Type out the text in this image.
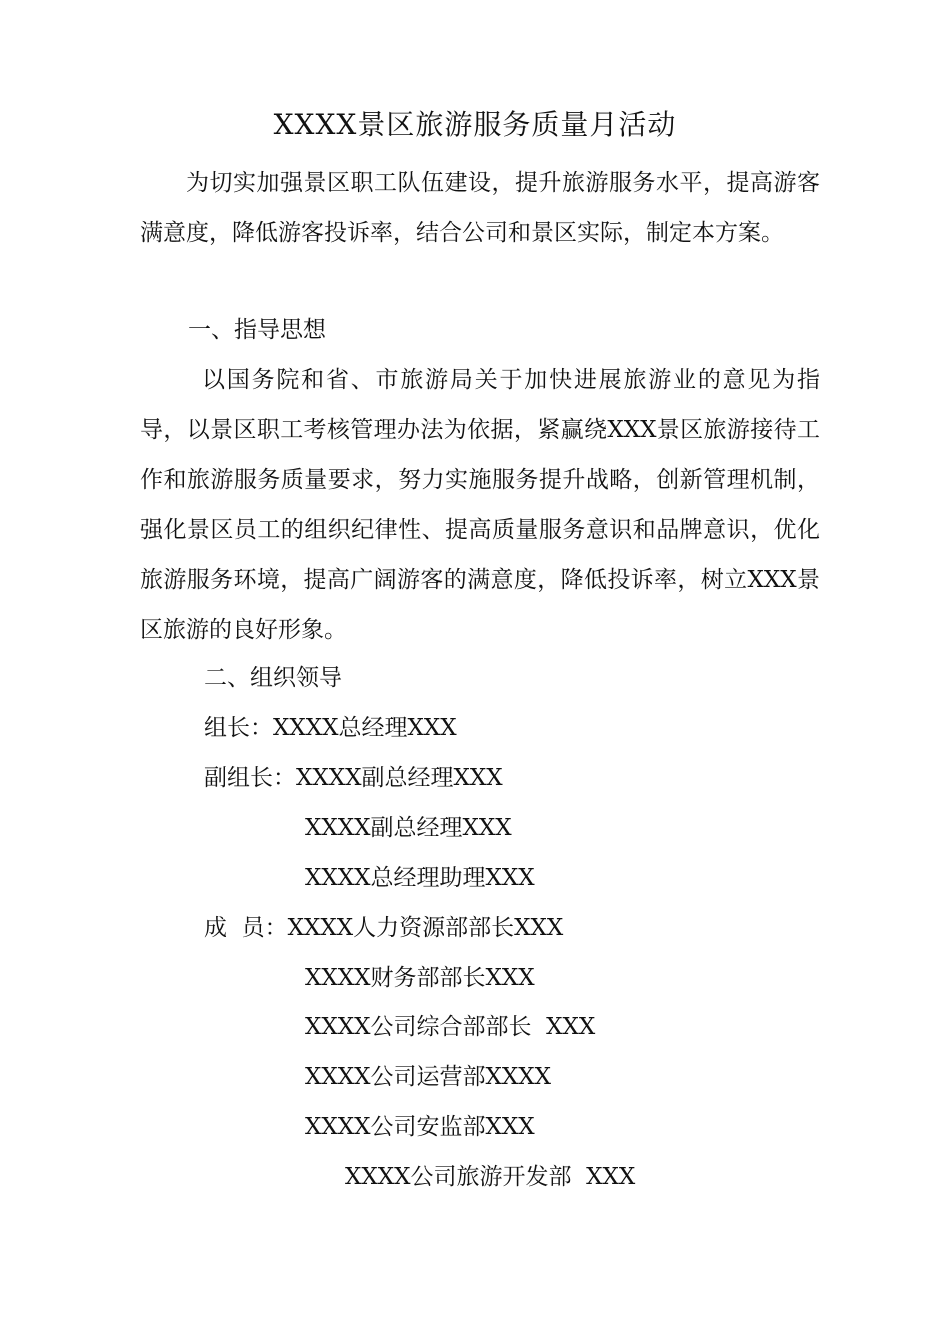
XXXX景区旅游服务质量月活动

为切实加强景区职工队伍建设，提升旅游服务水平，提高游客满意度，降低游客投诉率，结合公司和景区实际，制定本方案。

一、指导思想

以国务院和省、市旅游局关于加快进展旅游业的意见为指导，以景区职工考核管理办法为依据，紧赢绕XXX景区旅游接待工作和旅游服务质量要求，努力实施服务提升战略，创新管理机制，强化景区员工的组织纪律性、提高质量服务意识和品牌意识，优化旅游服务环境，提高广阔游客的满意度，降低投诉率，树立XXX景区旅游的良好形象。

二、组织领导

组长：XXXX总经理XXX

副组长：XXXX副总经理XXX

XXXX副总经理XXX

XXXX总经理助理XXX

成  员：XXXX人力资源部部长XXX

XXXX财务部部长XXX

XXXX公司综合部部长  XXX

XXXX公司运营部XXXX

XXXX公司安监部XXX

XXXX公司旅游开发部  XXX
